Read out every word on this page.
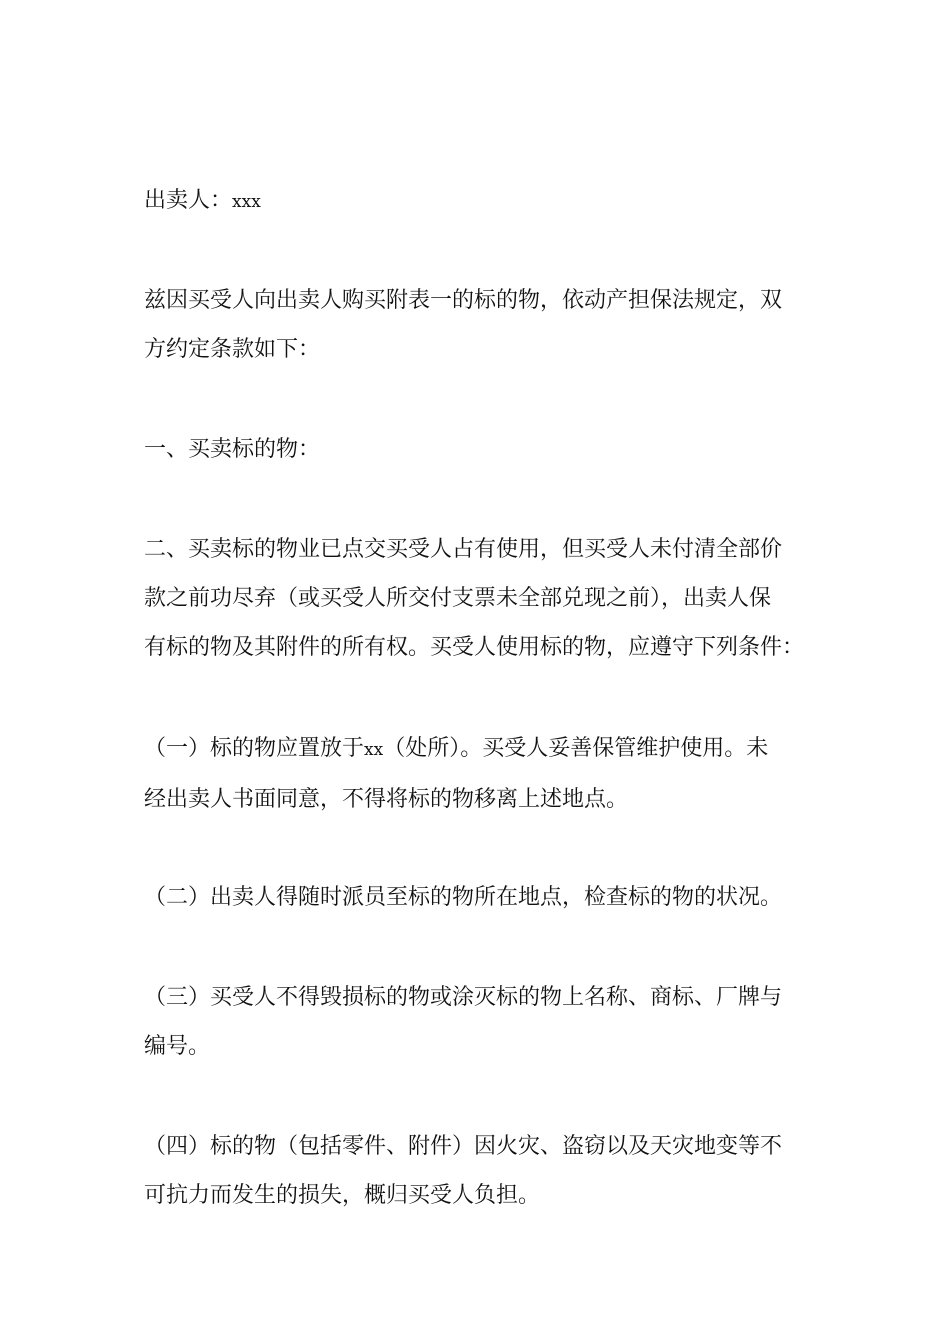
出卖人：xxx

兹因买受人向出卖人购买附表一的标的物，依动产担保法规定，双
方约定条款如下：

一、买卖标的物：

二、买卖标的物业已点交买受人占有使用，但买受人未付清全部价
款之前功尽弃（或买受人所交付支票未全部兑现之前），出卖人保
有标的物及其附件的所有权。买受人使用标的物，应遵守下列条件：

（一）标的物应置放于xx（处所）。买受人妥善保管维护使用。未
经出卖人书面同意，不得将标的物移离上述地点。

（二）出卖人得随时派员至标的物所在地点，检查标的物的状况。

（三）买受人不得毁损标的物或涂灭标的物上名称、商标、厂牌与
编号。

（四）标的物（包括零件、附件）因火灾、盗窃以及天灾地变等不
可抗力而发生的损失，概归买受人负担。
